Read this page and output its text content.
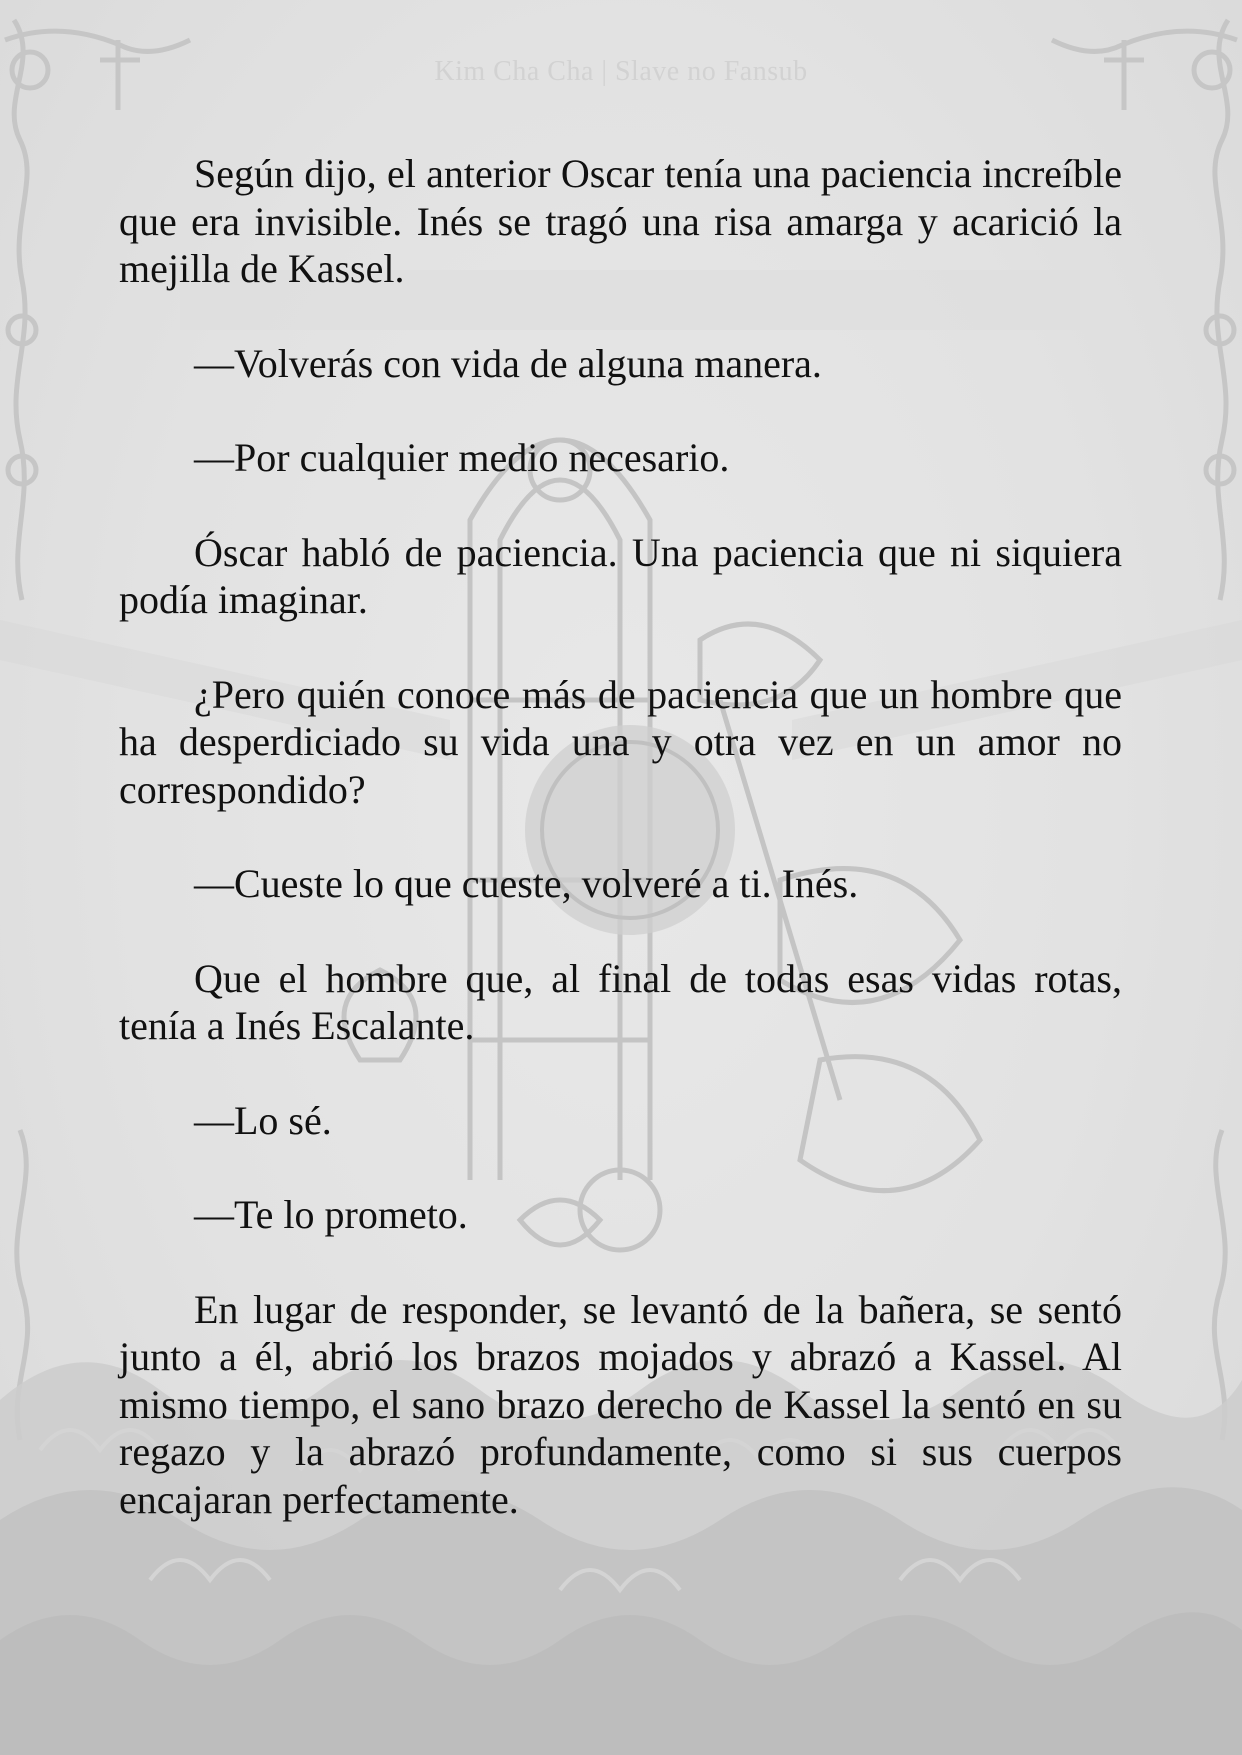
Kim Cha Cha | Slave no Fansub

Según dijo, el anterior Oscar tenía una paciencia increíble que era invisible. Inés se tragó una risa amarga y acarició la mejilla de Kassel.

—Volverás con vida de alguna manera.

—Por cualquier medio necesario.

Óscar habló de paciencia. Una paciencia que ni siquiera podía imaginar.

¿Pero quién conoce más de paciencia que un hombre que ha desperdiciado su vida una y otra vez en un amor no correspondido?

—Cueste lo que cueste, volveré a ti. Inés.

Que el hombre que, al final de todas esas vidas rotas, tenía a Inés Escalante.

—Lo sé.

—Te lo prometo.

En lugar de responder, se levantó de la bañera, se sentó junto a él, abrió los brazos mojados y abrazó a Kassel. Al mismo tiempo, el sano brazo derecho de Kassel la sentó en su regazo y la abrazó profundamente, como si sus cuerpos encajaran perfectamente.
